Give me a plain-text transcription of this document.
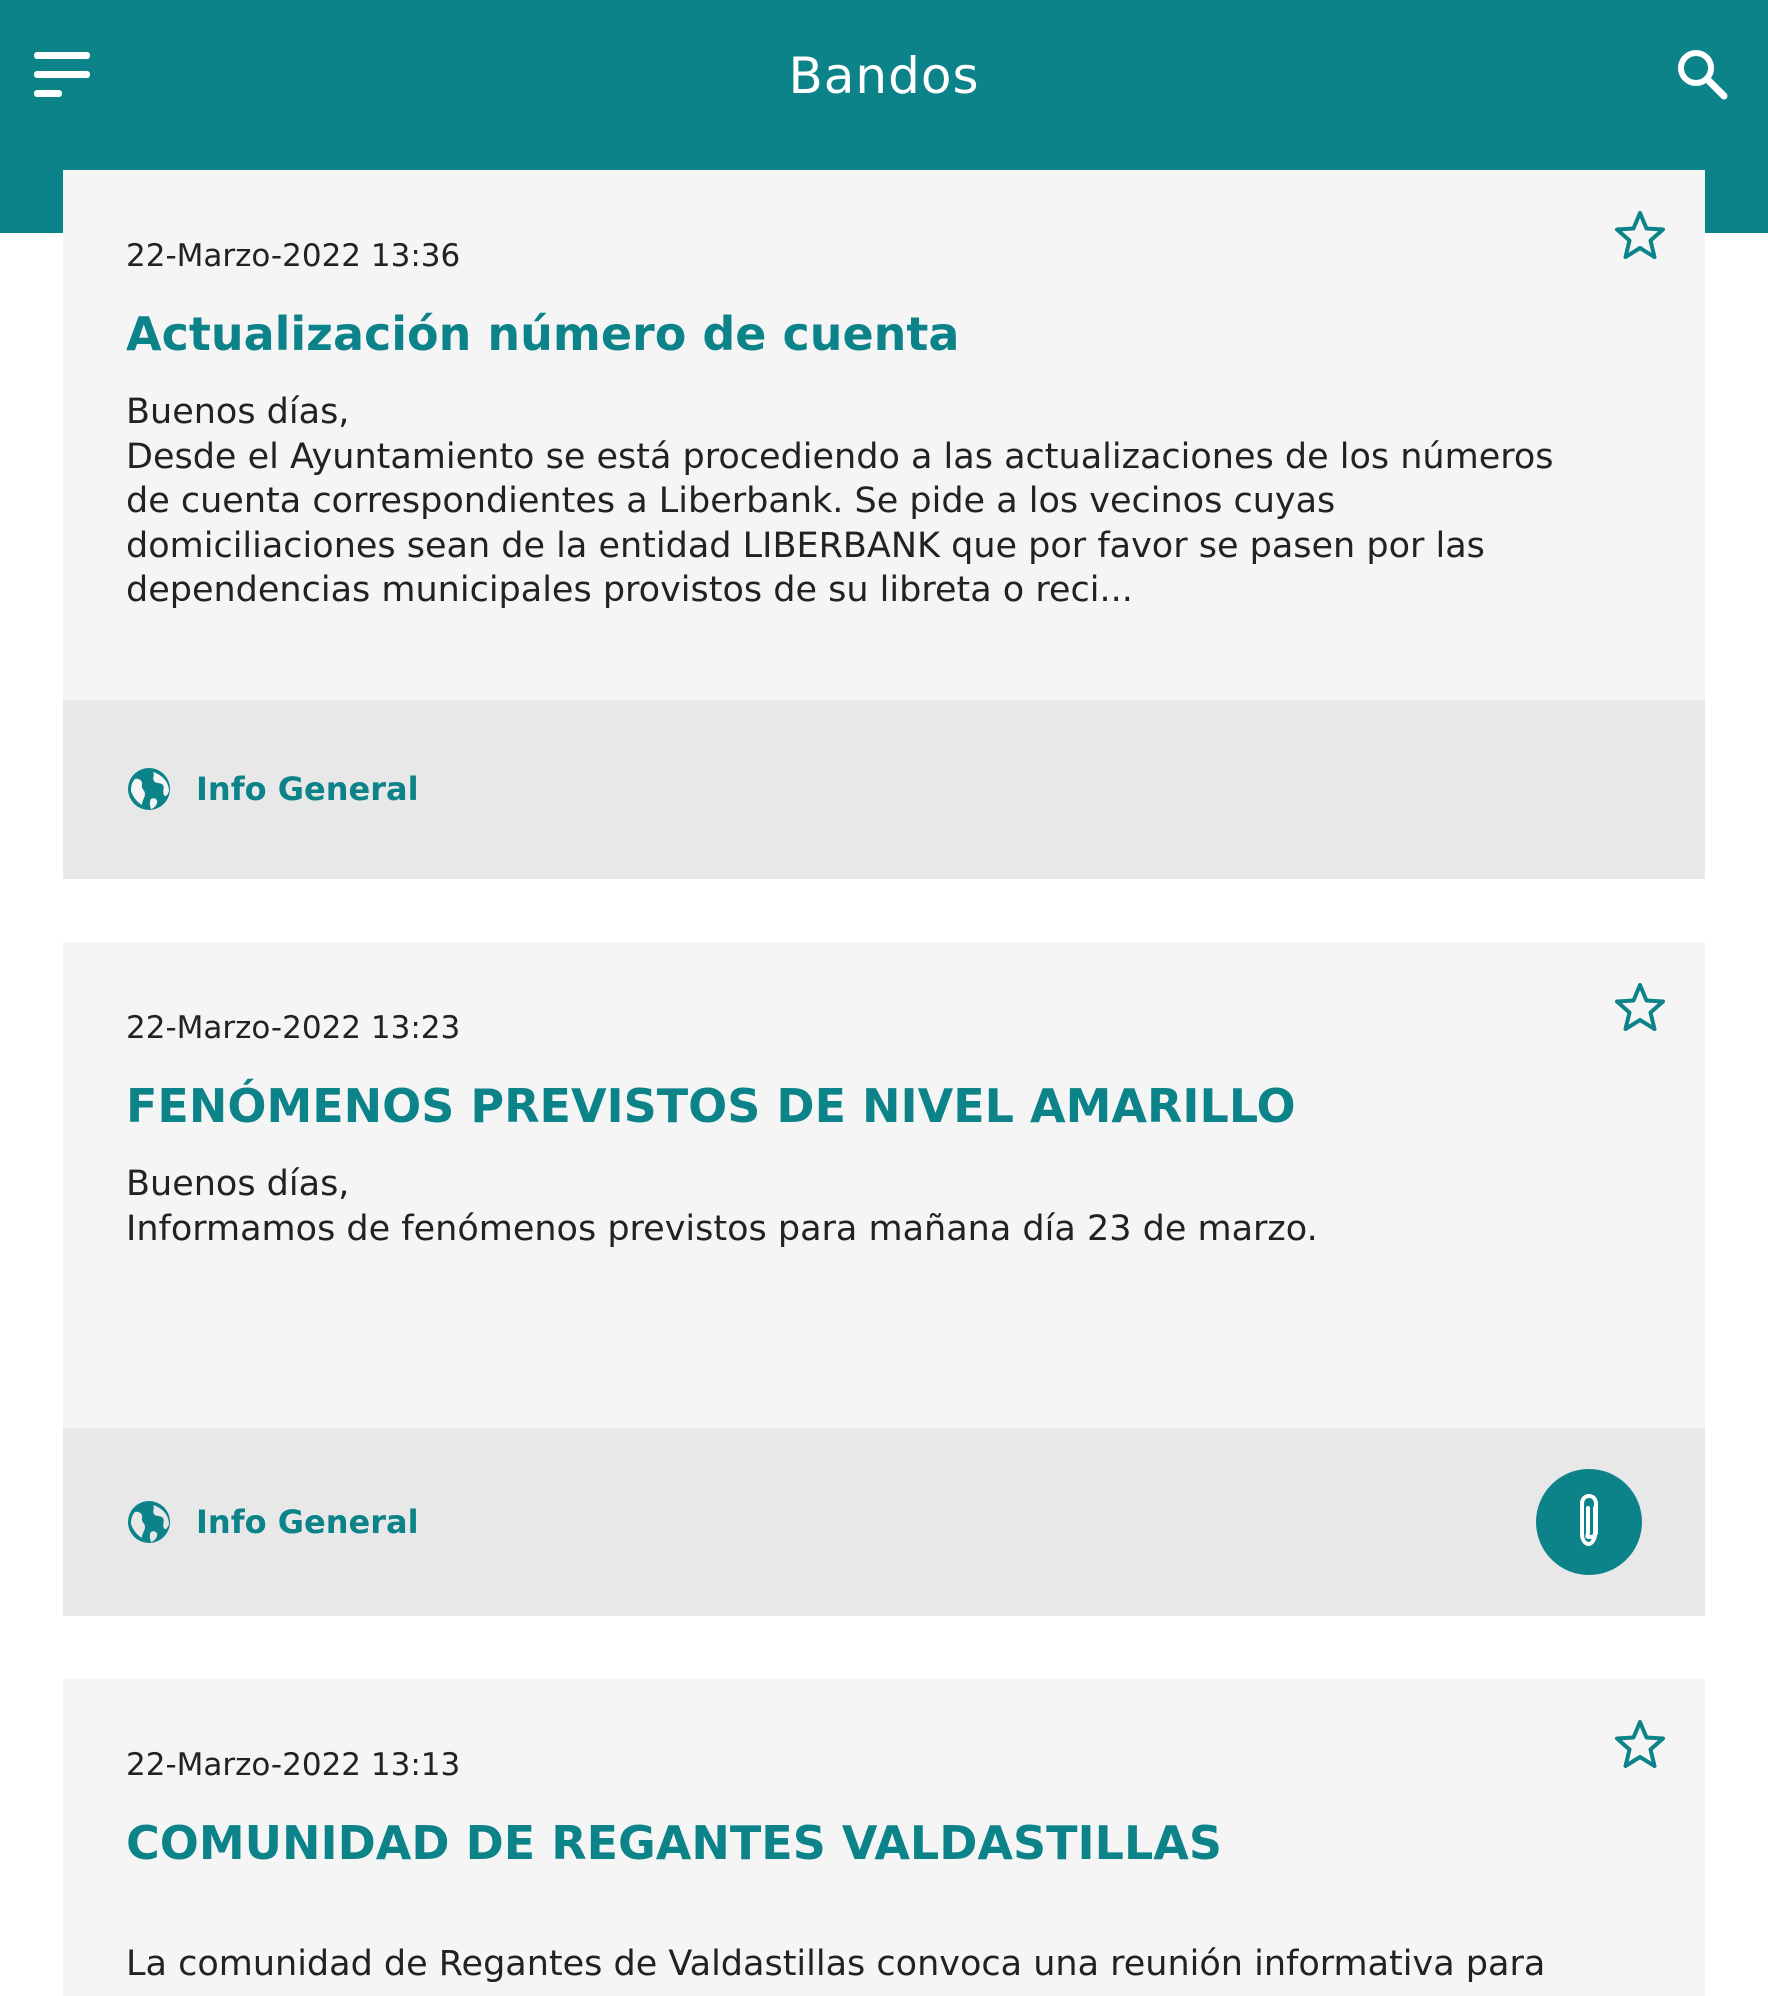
Bandos
22-Marzo-2022 13:36
Actualización número de cuenta
Buenos días,
Desde el Ayuntamiento se está procediendo a las actualizaciones de los números
de cuenta correspondientes a Liberbank. Se pide a los vecinos cuyas
domiciliaciones sean de la entidad LIBERBANK que por favor se pasen por las
dependencias municipales provistos de su libreta o reci...
Info General
22-Marzo-2022 13:23
FENÓMENOS PREVISTOS DE NIVEL AMARILLO
Buenos días,
Informamos de fenómenos previstos para mañana día 23 de marzo.
Info General
22-Marzo-2022 13:13
COMUNIDAD DE REGANTES VALDASTILLAS
La comunidad de Regantes de Valdastillas convoca una reunión informativa para
